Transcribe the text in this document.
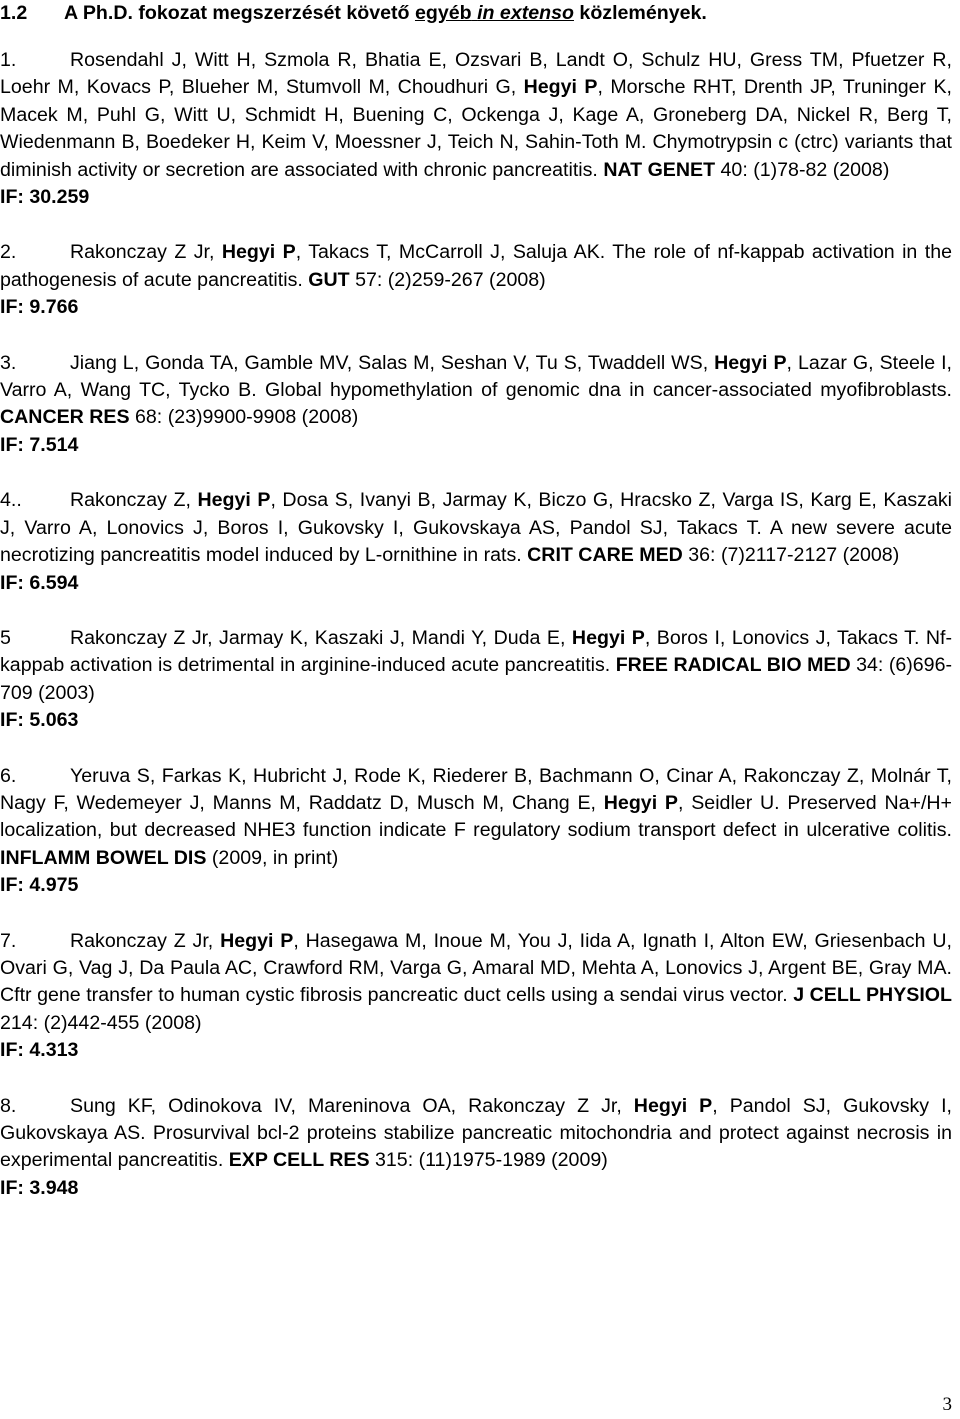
1.2 A Ph.D. fokozat megszerzését követő egyéb in extenso közlemények.
1.	Rosendahl J, Witt H, Szmola R, Bhatia E, Ozsvari B, Landt O, Schulz HU, Gress TM, Pfuetzer R, Loehr M, Kovacs P, Blueher M, Stumvoll M, Choudhuri G, Hegyi P, Morsche RHT, Drenth JP, Truninger K, Macek M, Puhl G, Witt U, Schmidt H, Buening C, Ockenga J, Kage A, Groneberg DA, Nickel R, Berg T, Wiedenmann B, Boedeker H, Keim V, Moessner J, Teich N, Sahin-Toth M. Chymotrypsin c (ctrc) variants that diminish activity or secretion are associated with chronic pancreatitis. NAT GENET 40: (1)78-82 (2008)
IF: 30.259
2.	Rakonczay Z Jr, Hegyi P, Takacs T, McCarroll J, Saluja AK. The role of nf-kappab activation in the pathogenesis of acute pancreatitis. GUT 57: (2)259-267 (2008)
IF: 9.766
3.	Jiang L, Gonda TA, Gamble MV, Salas M, Seshan V, Tu S, Twaddell WS, Hegyi P, Lazar G, Steele I, Varro A, Wang TC, Tycko B. Global hypomethylation of genomic dna in cancer-associated myofibroblasts. CANCER RES 68: (23)9900-9908 (2008)
IF: 7.514
4.. Rakonczay Z, Hegyi P, Dosa S, Ivanyi B, Jarmay K, Biczo G, Hracsko Z, Varga IS, Karg E, Kaszaki J, Varro A, Lonovics J, Boros I, Gukovsky I, Gukovskaya AS, Pandol SJ, Takacs T. A new severe acute necrotizing pancreatitis model induced by L-ornithine in rats. CRIT CARE MED 36: (7)2117-2127 (2008)
IF: 6.594
5	Rakonczay Z Jr, Jarmay K, Kaszaki J, Mandi Y, Duda E, Hegyi P, Boros I, Lonovics J, Takacs T. Nf-kappab activation is detrimental in arginine-induced acute pancreatitis. FREE RADICAL BIO MED 34: (6)696-709 (2003)
IF: 5.063
6.	Yeruva S, Farkas K, Hubricht J, Rode K, Riederer B, Bachmann O, Cinar A, Rakonczay Z, Molnár T, Nagy F, Wedemeyer J, Manns M, Raddatz D, Musch M, Chang E, Hegyi P, Seidler U. Preserved Na+/H+ localization, but decreased NHE3 function indicate F regulatory sodium transport defect in ulcerative colitis. INFLAMM BOWEL DIS (2009, in print)
IF: 4.975
7.	Rakonczay Z Jr, Hegyi P, Hasegawa M, Inoue M, You J, Iida A, Ignath I, Alton EW, Griesenbach U, Ovari G, Vag J, Da Paula AC, Crawford RM, Varga G, Amaral MD, Mehta A, Lonovics J, Argent BE, Gray MA. Cftr gene transfer to human cystic fibrosis pancreatic duct cells using a sendai virus vector. J CELL PHYSIOL 214: (2)442-455 (2008)
IF: 4.313
8.	Sung KF, Odinokova IV, Mareninova OA, Rakonczay Z Jr, Hegyi P, Pandol SJ, Gukovsky I, Gukovskaya AS. Prosurvival bcl-2 proteins stabilize pancreatic mitochondria and protect against necrosis in experimental pancreatitis. EXP CELL RES 315: (11)1975-1989 (2009)
IF: 3.948
3
